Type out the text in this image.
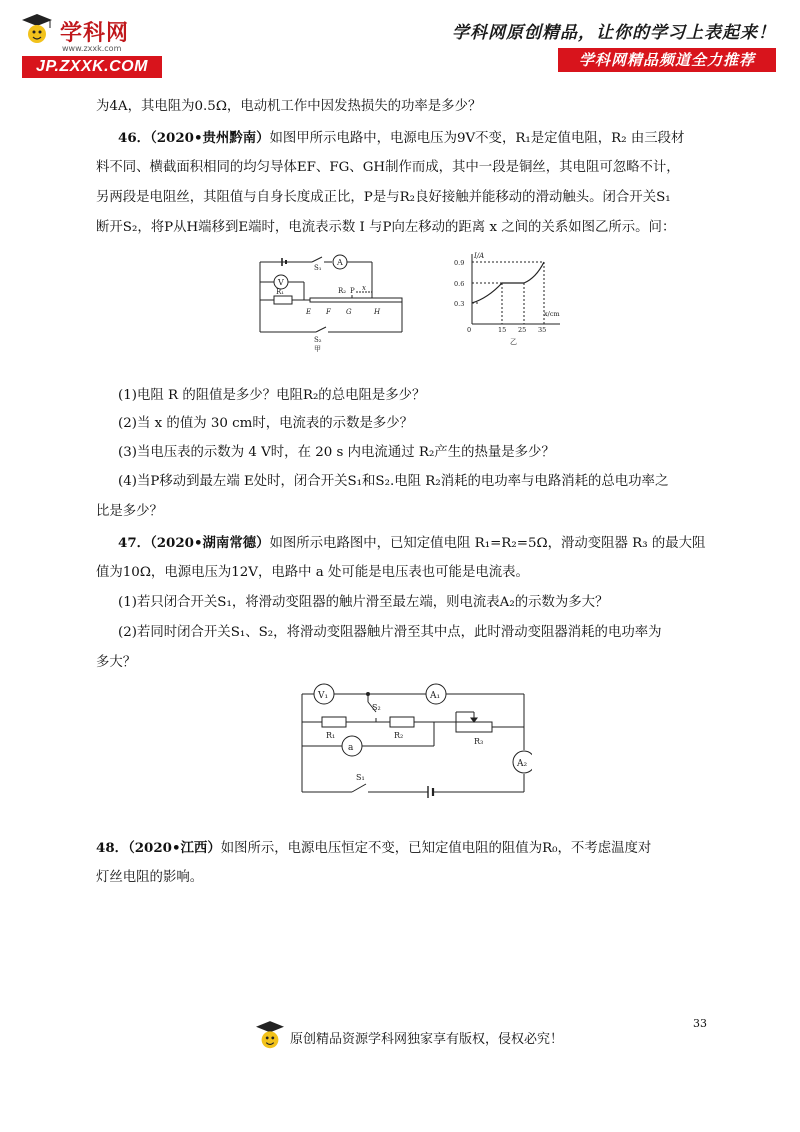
学科网
www.zxxk.com
JP.ZXXK.COM
学科网原创精品，让你的学习上表起来！
学科网精品频道全力推荐
为4A，其电阻为0.5Ω，电动机工作中因发热损失的功率是多少？
46．（2020•贵州黔南）如图甲所示电路中，电源电压为9V不变，R₁是定值电阻，R₂ 由三段材
料不同、横截面积相同的均匀导体EF、FG、GH制作而成，其中一段是铜丝，其电阻可忽略不计，
另两段是电阻丝，其阻值与自身长度成正比，P是与R₂良好接触并能移动的滑动触头。闭合开关S₁
断开S₂，将P从H端移到E端时，电流表示数 I 与P向左移动的距离 x 之间的关系如图乙所示。问：
S₁
A
V
R₁	R₂ P x
E F G	H
S₂
甲
I/A
x/cm
0.9
0.6
0.3
0	15 25 35
乙
(1)电阻 R 的阻值是多少？电阻R₂的总电阻是多少？
(2)当 x 的值为 30 cm时，电流表的示数是多少？
(3)当电压表的示数为 4 V时，在 20 s 内电流通过 R₂产生的热量是多少？
(4)当P移动到最左端 E处时，闭合开关S₁和S₂.电阻 R₂消耗的电功率与电路消耗的总电功率之
比是多少？
47．（2020•湖南常德）如图所示电路图中，已知定值电阻 R₁=R₂=5Ω，滑动变阻器 R₃ 的最大阻
值为10Ω，电源电压为12V，电路中 a 处可能是电压表也可能是电流表。
(1)若只闭合开关S₁，将滑动变阻器的触片滑至最左端，则电流表A₂的示数为多大？
(2)若同时闭合开关S₁、S₂，将滑动变阻器触片滑至其中点，此时滑动变阻器消耗的电功率为
多大？
V₁	A₁
S₂
R₁	R₂
R₃
a
A₂
S₁
48．（2020•江西）如图所示，电源电压恒定不变，已知定值电阻的阻值为R₀，不考虑温度对
灯丝电阻的影响。
33
原创精品资源学科网独家享有版权，侵权必究！
